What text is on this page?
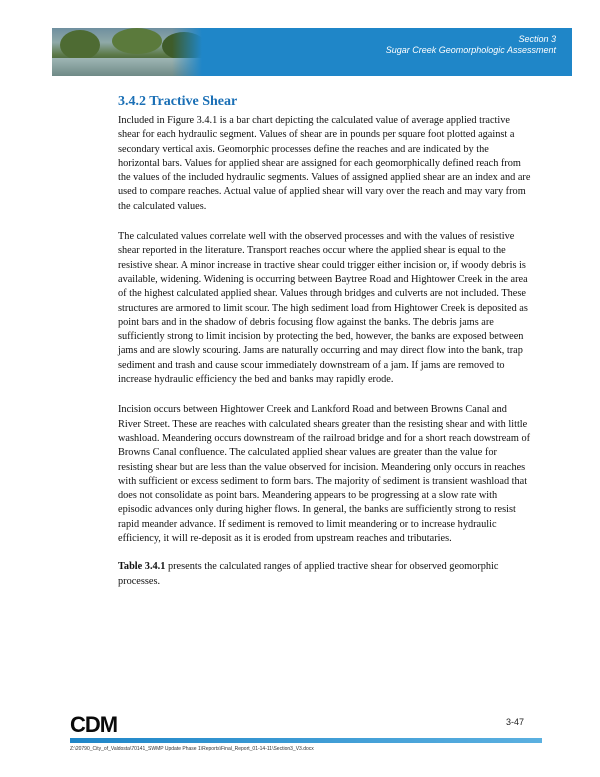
Section 3
Sugar Creek Geomorphologic Assessment
3.4.2 Tractive Shear

Included in Figure 3.4.1 is a bar chart depicting the calculated value of average applied tractive shear for each hydraulic segment. Values of shear are in pounds per square foot plotted against a secondary vertical axis. Geomorphic processes define the reaches and are indicated by the horizontal bars. Values for applied shear are assigned for each geomorphically defined reach from the values of the included hydraulic segments. Values of assigned applied shear are an index and are used to compare reaches. Actual value of applied shear will vary over the reach and may vary from the calculated values.

The calculated values correlate well with the observed processes and with the values of resistive shear reported in the literature. Transport reaches occur where the applied shear is equal to the resistive shear. A minor increase in tractive shear could trigger either incision or, if woody debris is available, widening. Widening is occurring between Baytree Road and Hightower Creek in the area of the highest calculated applied shear. Values through bridges and culverts are not included. These structures are armored to limit scour. The high sediment load from Hightower Creek is deposited as point bars and in the shadow of debris focusing flow against the banks. The debris jams are sufficiently strong to limit incision by protecting the bed, however, the banks are exposed between jams and are slowly scouring. Jams are naturally occurring and may direct flow into the bank, trap sediment and trash and cause scour immediately downstream of a jam. If jams are removed to increase hydraulic efficiency the bed and banks may rapidly erode.

Incision occurs between Hightower Creek and Lankford Road and between Browns Canal and River Street. These are reaches with calculated shears greater than the resisting shear and with little washload. Meandering occurs downstream of the railroad bridge and for a short reach dowstream of Browns Canal confluence. The calculated applied shear values are greater than the value for resisting shear but are less than the value observed for incision. Meandering only occurs in reaches with sufficient or excess sediment to form bars. The majority of sediment is transient washload that does not consolidate as point bars. Meandering appears to be progressing at a slow rate with episodic advances only during higher flows. In general, the banks are sufficiently strong to resist rapid meander advance. If sediment is removed to limit meandering or to increase hydraulic efficiency, it will re-deposit as it is eroded from upstream reaches and tributaries.

Table 3.4.1 presents the calculated ranges of applied tractive shear for observed geomorphic processes.

CDM	3-47
Z:\20790_City_of_Valdosta\70141_SWMP Update Phase 1\Reports\Final_Report_01-14-11\Section3_V3.docx
